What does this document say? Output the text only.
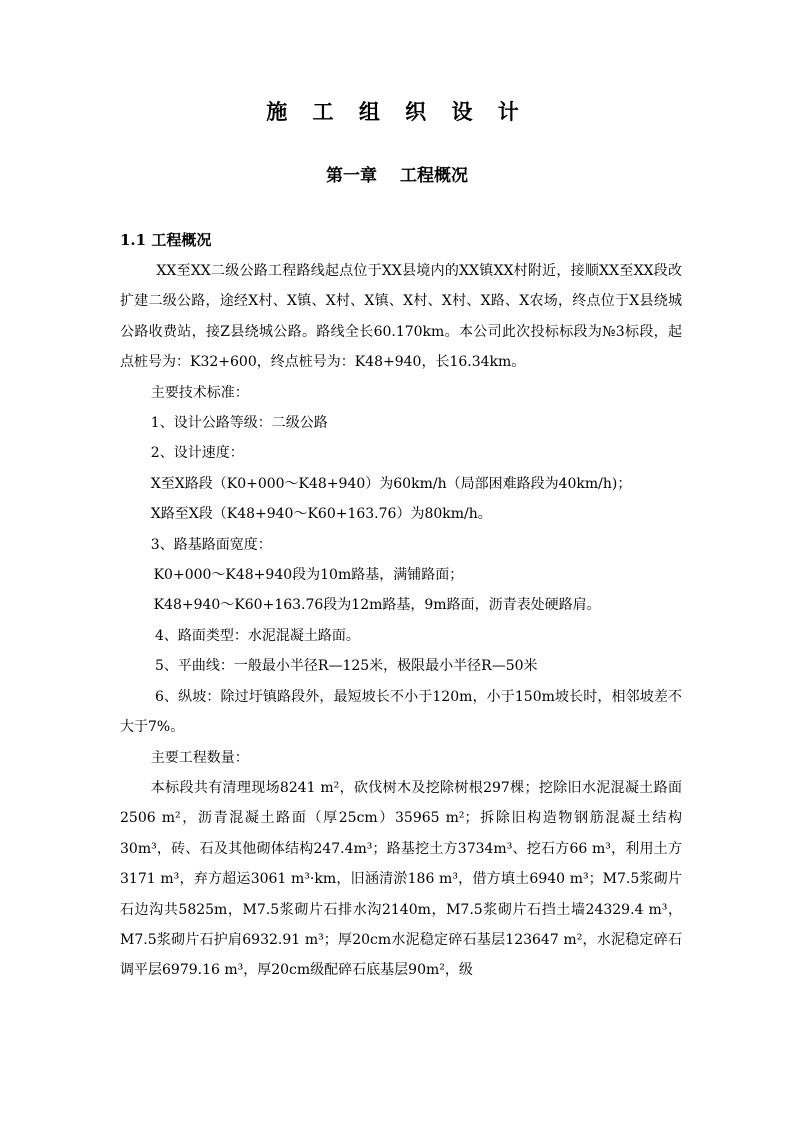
施 工 组 织 设 计
第一章　 工程概况
1.1 工程概况

XX至XX二级公路工程路线起点位于XX县境内的XX镇XX村附近，接顺XX至XX段改扩建二级公路，途经X村、X镇、X村、X镇、X村、X村、X路、X农场，终点位于X县绕城公路收费站，接Z县绕城公路。路线全长60.170km。本公司此次投标标段为№3标段，起点桩号为：K32+600，终点桩号为：K48+940，长16.34km。

主要技术标准：

1、设计公路等级：二级公路

2、设计速度：

X至X路段（K0+000～K48+940）为60km/h（局部困难路段为40km/h)；

X路至X段（K48+940～K60+163.76）为80km/h。

3、路基路面宽度：

K0+000～K48+940段为10m路基，满铺路面；

K48+940～K60+163.76段为12m路基，9m路面，沥青表处硬路肩。

4、路面类型：水泥混凝土路面。

5、平曲线：一般最小半径R—125米，极限最小半径R—50米

6、纵坡：除过圩镇路段外，最短坡长不小于120m，小于150m坡长时，相邻坡差不大于7%。

主要工程数量：

本标段共有清理现场8241 m²，砍伐树木及挖除树根297棵；挖除旧水泥混凝土路面2506 m²，沥青混凝土路面（厚25cm）35965 m²；拆除旧构造物钢筋混凝土结构30m³，砖、石及其他砌体结构247.4m³；路基挖土方3734m³、挖石方66 m³，利用土方3171 m³，弃方超运3061 m³·km，旧涵清淤186 m³，借方填土6940 m³；M7.5浆砌片石边沟共5825m，M7.5浆砌片石排水沟2140m，M7.5浆砌片石挡土墙24329.4 m³，M7.5浆砌片石护肩6932.91 m³；厚20cm水泥稳定碎石基层123647 m²，水泥稳定碎石调平层6979.16 m³，厚20cm级配碎石底基层90m²，级
